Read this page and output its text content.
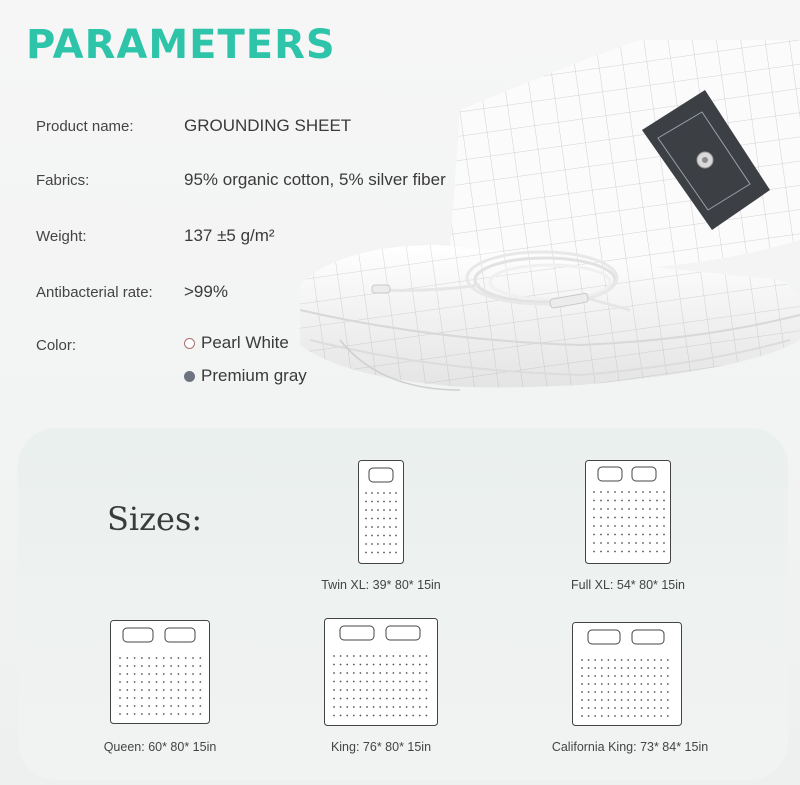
PARAMETERS
Product name:	GROUNDING SHEET
Fabrics:	95% organic cotton, 5% silver fiber
Weight:	137 ±5 g/m²
Antibacterial rate:	>99%
Color:	Pearl White
Premium gray
Sizes:
Twin XL: 39* 80* 15in	Full XL: 54* 80* 15in
Queen: 60* 80* 15in	King: 76* 80* 15in	California King: 73* 84* 15in
